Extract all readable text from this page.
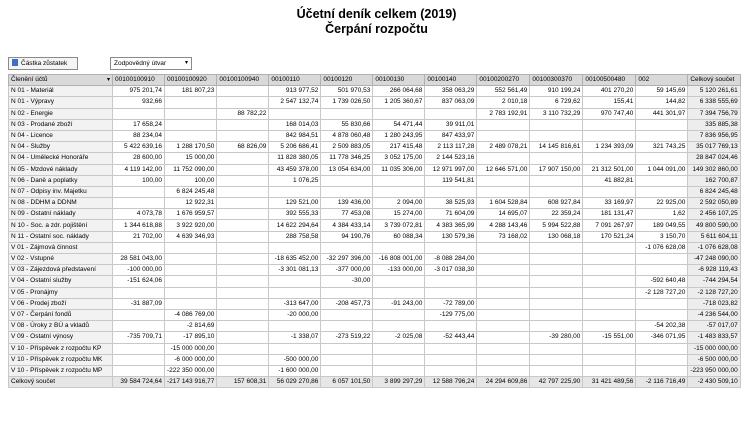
Účetní deník celkem (2019)
Čerpání rozpočtu
Částka zůstatek	Zodpovědný útvar	▾
Členění účtů ▾	00100100910	00100100920	00100100940	00100110	00100120	00100130	00100140	00100200270	00100300370	00100500480	002	Celkový součet
N 01 - Materiál	975 201,74	181 807,23		913 977,52	501 970,53	266 064,68	358 063,29	552 561,49	910 199,24	401 270,20	59 145,69	5 120 261,61
N 01 - Výpravy	932,66			2 547 132,74	1 739 026,50	1 205 360,67	837 063,09	2 010,18	6 729,62	155,41	144,82	6 338 555,69
N 02 - Energie			88 782,22					2 783 192,91	3 110 732,29	970 747,40	441 301,97	7 394 756,79
N 03 - Prodané zboží	17 658,24			168 014,03	55 830,66	54 471,44	39 911,01					335 885,38
N 04 - Licence	88 234,04			842 984,51	4 878 060,48	1 280 243,95	847 433,97					7 836 956,95
N 04 - Služby	5 422 639,16	1 288 170,50	68 826,09	5 206 686,41	2 509 883,05	217 415,48	2 113 117,28	2 489 078,21	14 145 816,61	1 234 393,09	321 743,25	35 017 769,13
N 04 - Umělecké Honoráře	28 600,00	15 000,00		11 828 380,05	11 778 346,25	3 052 175,00	2 144 523,16					28 847 024,46
N 05 - Mzdové náklady	4 119 142,00	11 752 090,00		43 459 378,00	13 054 634,00	11 035 306,00	12 971 997,00	12 646 571,00	17 907 150,00	21 312 501,00	1 044 091,00	149 302 860,00
N 06 - Daně a poplatky	100,00	100,00		1 076,25			119 541,81			41 882,81		162 700,87
N 07 - Odpisy inv. Majetku		6 824 245,48										6 824 245,48
N 08 - DDHM a DDNM		12 922,31		129 521,00	139 436,00	2 094,00	38 525,93	1 604 528,84	608 927,84	33 169,97	22 925,00	2 592 050,89
N 09 - Ostatní náklady	4 073,78	1 676 959,57		392 555,33	77 453,08	15 274,00	71 604,09	14 695,07	22 359,24	181 131,47	1,62	2 456 107,25
N 10 - Soc. a zdr. pojištění	1 344 618,88	3 922 920,00		14 622 294,64	4 384 433,14	3 739 072,81	4 383 365,99	4 288 143,46	5 994 522,88	7 091 267,97	189 049,55	49 800 590,00
N 11 - Ostatní soc. náklady	21 702,00	4 639 346,93		288 758,58	94 190,76	60 088,34	130 579,36	73 168,02	130 068,18	170 521,24	3 150,70	5 611 604,11
V 01 - Zájmová činnost											-1 076 628,08	-1 076 628,08
V 02 - Vstupné	28 581 043,00			-18 635 452,00	-32 297 396,00	-16 808 001,00	-8 088 284,00					-47 248 090,00
V 03 - Zájezdová představení	-100 000,00			-3 301 081,13	-377 000,00	-133 000,00	-3 017 038,30					-6 928 119,43
V 04 - Ostatní služby	-151 624,06				-30,00						-592 640,48	-744 294,54
V 05 - Pronájmy											-2 128 727,20	-2 128 727,20
V 06 - Prodej zboží	-31 887,09			-313 647,00	-208 457,73	-91 243,00	-72 789,00					-718 023,82
V 07 - Čerpání fondů		-4 086 769,00		-20 000,00			-129 775,00					-4 236 544,00
V 08 - Úroky z BÚ a vkladů		-2 814,69									-54 202,38	-57 017,07
V 09 - Ostatní výnosy	-735 709,71	-17 895,10		-1 338,07	-273 519,22	-2 025,08	-52 443,44		-39 280,00	-15 551,00	-346 071,95	-1 483 833,57
V 10 - Příspěvek z rozpočtu KP		-15 000 000,00										-15 000 000,00
V 10 - Příspěvek z rozpočtu MK		-6 000 000,00		-500 000,00								-6 500 000,00
V 10 - Příspěvek z rozpočtu MP		-222 350 000,00		-1 600 000,00								-223 950 000,00
Celkový součet	39 584 724,64	-217 143 916,77	157 608,31	56 029 270,86	6 057 101,50	3 899 297,29	12 588 796,24	24 294 609,86	42 797 225,90	31 421 489,56	-2 116 716,49	-2 430 509,10
